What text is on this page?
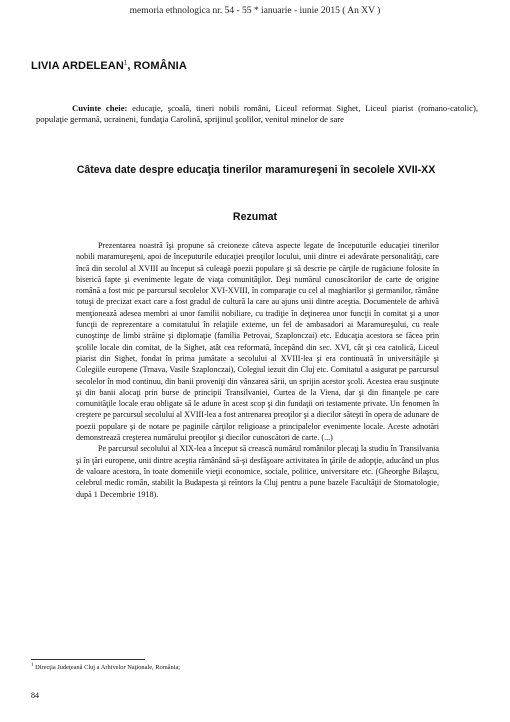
memoria ethnologica nr. 54 - 55 * ianuarie - iunie 2015 ( An XV )
LIVIA ARDELEAN$^1$, ROMÂNIA
Cuvinte cheie: educaţie, şcoală, tineri nobili români, Liceul reformat Sighet, Liceul piarist (romano-catolic), populaţie germană, ucraineni, fundaţia Carolină, sprijinul şcolilor, venitul minelor de sare
Câteva date despre educaţia tinerilor maramureşeni în secolele XVII-XX
Rezumat

Prezentarea noastră îşi propune să creioneze câteva aspecte legate de începuturile educaţiei tinerilor nobili maramureşeni, apoi de începuturile educaţiei preoţilor locului, unii dintre ei adevărate personalităţi, care încă din secolul al XVIII au început să culeagă poezii populare şi să descrie pe cărţile de rugăciune folosite în biserică fapte şi evenimente legate de viaţa comunităţilor. Deşi numărul cunoscătorilor de carte de origine română a fost mic pe parcursul secolelor XVI-XVIII, în comparaţie cu cel al maghiarilor şi germanilor, rămâne totuşi de precizat exact care a fost gradul de cultură la care au ajuns unii dintre aceştia. Documentele de arhivă menţionează adesea membri ai unor familii nobiliare, cu tradiţie în deţinerea unor funcţii în comitat şi a unor funcţii de reprezentare a comitatului în relaţiile externe, un fel de ambasadori ai Maramureşului, cu reale cunoştinţe de limbi străine şi diplomaţie (familia Petrovai, Szaplonczai) etc. Educaţia acestora se făcea prin şcolile locale din comitat, de la Sighet, atât cea reformată, începând din sec. XVI, cât şi cea catolică, Liceul piarist din Sighet, fondat în prima jumătate a secolului al XVIII-lea şi era continuată în universităţile şi Colegiile europene (Trnava, Vasile Szaplonczai), Colegiul iezuit din Cluj etc. Comitatul a asigurat pe parcursul secolelor în mod continuu, din banii proveniţi din vânzarea sării, un sprijin acestor şcoli. Acestea erau susţinute şi din banii alocaţi prin burse de principii Transilvaniei, Curtea de la Viena, dar şi din finanţele pe care comunităţile locale erau obligate să le adune în acest scop şi din fundaţii ori testamente private. Un fenomen în creştere pe parcursul secolului al XVIII-lea a fost antrenarea preoţilor şi a diecilor săteşti în opera de adunare de poezii populare şi de notare pe paginile cărţilor religioase a principalelor evenimente locale. Aceste adnotări demonstrează creşterea numărului preoţilor şi diecilor cunoscători de carte. (...)

Pe parcursul secolului al XIX-lea a început să crească numărul românilor plecaţi la studiu în Transilvania şi în ţări europene, unii dintre aceştia rămânând să-şi desfăşoare activitatea în ţările de adopţie, aducând un plus de valoare acestora, în toate domeniile vieţii economice, sociale, politice, universitare etc. (Gheorghe Bilaşcu, celebrul medic român, stabilit la Budapesta şi reîntors la Cluj pentru a pune bazele Facultăţii de Stomatologie, după 1 Decembrie 1918).

$^1$ Direcţia Judeţeană Cluj a Arhivelor Naţionale, România;
84
